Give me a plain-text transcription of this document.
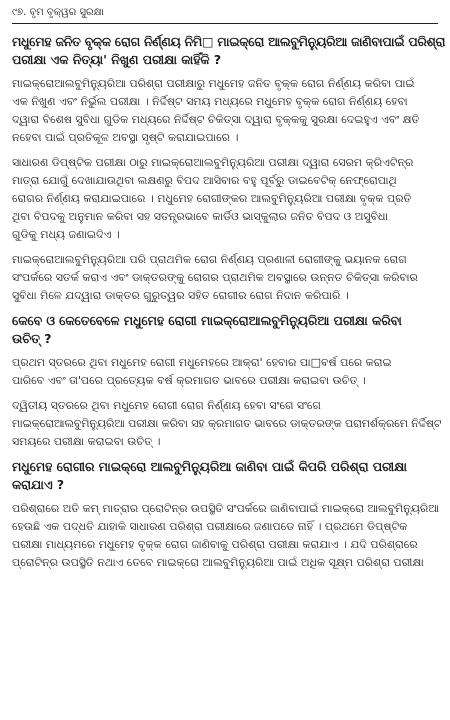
୯୭. ବୃମ ବୃକ୍ୱର ସୁରକ୍ଷା
ମଧୁମେହ ଜନିତ ବୃକ୍କ ରୋଗ ନିର୍ଣ୍ଣୟ ନିମି□ ମାଇକ୍ରୋ ଆଲବୁମିନ୍ୟୁରିଆ ଜାଣିବାପାଇଁ ପରିଶ୍ରା
ପରୀକ୍ଷା ଏକ ନିତ୍ୟା' ନିଖୁଣ ପରୀକ୍ଷା କାହିଁକି ?
ମାଇକ୍ରୋଆଲବୁମିନ୍ୟୁରିଆ ପରିଶ୍ରା ପରୀକ୍ଷାରୁ ମଧୁମେହ ଜନିତ ବୃକ୍କ ରୋଗ ନିର୍ଣ୍ଣୟ କରିବା ପାଇଁ
ଏକ ନିଖୁଣ ଏବଂ ନିର୍ଭୁଲ ପରୀକ୍ଷା । ନିର୍ଦ୍ଦିଷ୍ଟ ସମୟ ମଧ୍ୟରେ ମଧୁମେହ ବୃକ୍କ ରୋଗ ନିର୍ଣ୍ଣୟ ହେବା
ଦ୍ୱାରା ବିଶେଷ ସୁବିଧା ଗୁଡିକ ମଧ୍ୟରେ ନିର୍ଦ୍ଦିଷ୍ଟ ଚିକିତ୍ସା ଦ୍ୱାରା ବୃକ୍କକୁ ସୁରକ୍ଷା ଦେଇହୁଏ ଏବଂ କ୍ଷତି
ନହେବା ପାଇଁ ପ୍ରତିକୂଳ ଅବସ୍ଥା ସୃଷ୍ଟି କରାଯାଇପାରେ ।
ସାଧାରଣ ଡିପ୍‌ଷ୍ଟିକ ପରୀକ୍ଷା ଠାରୁ ମାଇକ୍ରୋଆଲବୁମିନ୍ୟୁରିଆ ପରୀକ୍ଷା ଦ୍ୱାରା ସେରମ କ୍ରିଏଟିନ୍‌ର
ମାତ୍ରା ଯୋଗୁଁ ଦେଖାଯାଉଥିବା ଲକ୍ଷଣରୁ ବିପଦ ଆସିବାର ବହୁ ପୂର୍ବରୁ ଡାଇବେଟିକ୍ ନେଫ୍ରୋପାଥି
ରୋଗର ନିର୍ଣ୍ଣୟ କରାଯାଇପାରେ । ମଧୁମେହ ରୋଗୀଙ୍କର ଆଲବୁମିନ୍ୟୁରିଆ ପରୀକ୍ଷା ବୃକ୍କ ପ୍ରତି
ଥିବା ବିପଦକୁ ଅନୁମାନ କରିବା ସହ ସତନ୍ତ୍ରଭାବେ କାର୍ଡିଓ ଭାସ୍କୁଲାର ଜନିତ ବିପଦ ଓ ଅସୁବିଧା
ଗୁଡିକୁ ମଧ୍ୟ ଜଣାଇଦିଏ ।
ମାଇକ୍ରୋଆଲବୁମିନ୍ୟୁରିଆ ପରି ପ୍ରାଥମିକ ରୋଗ ନିର୍ଣ୍ଣୟ ପ୍ରଣାଳୀ ରୋଗୀଙ୍କୁ ଭୟାନକ ରୋଗ
ସଂପର୍କରେ ସତର୍କ କରାଏ ଏବଂ ଡାକ୍ତରଙ୍କୁ ରୋଗର ପ୍ରାଥମିକ ଅବସ୍ଥାରେ ଉନ୍ନତ ଚିକିତ୍ସା କରିବାର
ସୁବିଧା ମିଳେ ଯଦ୍ୱାରା ଡାକ୍ତର ଗୁରୁତ୍ୱର ସହିତ ରୋଗୀର ରୋଗ ନିଦାନ କରିପାରି ।
କେବେ ଓ କେତେବେଳେ ମଧୁମେହ ରୋଗୀ ମାଇକ୍ରୋଆଲବୁମିନ୍ୟୁରିଆ ପରୀକ୍ଷା କରିବା
ଉଚିତ୍ ?
ପ୍ରଥମ ସ୍ତରରେ ଥିବା ମଧୁମେହ ରୋଗୀ ମଧୁମେହରେ ଆକ୍ରା' ହେବାର ପା□ବର୍ଷ ପରେ କରାଇ
ପାରିବେ ଏବଂ ତା'ପରେ ପ୍ରତ୍ୟେକ ବର୍ଷ କ୍ରମାଗତ ଭାବରେ ପରୀକ୍ଷା କରାଇବା ଉଚିତ୍ ।
ଦ୍ୱିତୀୟ ସ୍ତରରେ ଥିବା ମଧୁମେହ ରୋଗୀ ରୋଗ ନିର୍ଣ୍ଣୟ ହେବା ସଂଗେ ସଂଗେ
ମାଇକ୍ରୋଆଲବୁମିନ୍ୟୁରିଆ ପରୀକ୍ଷା କରିବା ସହ କ୍ରମାଗତ ଭାବରେ ଡାକ୍ତରଙ୍କ ପରାମର୍ଶକ୍ରମେ ନିର୍ଦ୍ଦିଷ୍ଟ
ସମୟରେ ପରୀକ୍ଷା କରାଇବା ଉଚିତ୍ ।
ମଧୁମେହ ରୋଗୀର ମାଇକ୍ରୋ ଆଲବୁମିନ୍ୟୁରିଆ ଜାଣିବା ପାଇଁ କିପରି ପରିଶ୍ରା ପରୀକ୍ଷା
କରାଯାଏ ?
ପରିଶ୍ରାରେ ଅତି କମ୍ ମାତ୍ରାର ପ୍ରୋଟିନ୍‌ର ଉପସ୍ଥିତି ସଂପର୍କରେ ଜାଣିବାପାଇଁ ମାଇକ୍ରୋ ଆଲବୁମିନ୍ୟୁରିଆ
ହେଉଛି ଏକ ପଦ୍ଧତି ଯାହାକି ସାଧାରଣ ପରିଶ୍ରା ପରୀକ୍ଷାରେ ଜଣାପଡେ ନାହିଁ । ପ୍ରଥମେ ଡିପ୍‌ଷ୍ଟିକ
ପରୀକ୍ଷା ମାଧ୍ୟମରେ ମଧୁମେହ ବୃକ୍କ ରୋଗ ଜାଣିବାକୁ ପରିଶ୍ରା ପରୀକ୍ଷା କରାଯାଏ । ଯଦି ପରିଶ୍ରାରେ
ପ୍ରୋଟିନ୍‌ର ଉପସ୍ଥିତି ନଥାଏ ତେବେ ମାଇକ୍ରୋ ଆଲବୁମିନ୍ୟୁରିଆ ପାଇଁ ଅଧିକ ସୂକ୍ଷ୍ମ ପରିଶ୍ରା ପରୀକ୍ଷା
